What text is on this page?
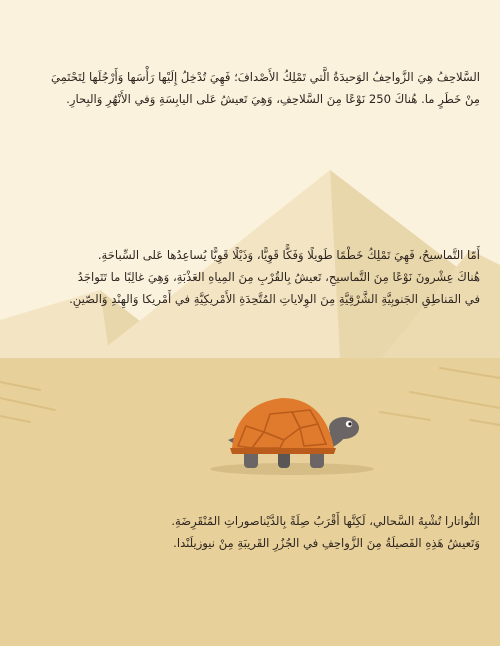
السَّلاحِفُ هِيَ الزَّواحِفُ الوَحيدَةُ الَّتي تَمْلِكُ الأَصْدافَ؛ فَهِيَ تُدْخِلُ إِلَيْها رَأْسَها وَأَرْجُلَها لِتَحْتَمِيَ

مِنْ خَطَرٍ ما. هُناكَ 250 نَوْعًا مِنَ السَّلاحِفِ، وَهِيَ تَعيشُ عَلى اليابِسَةِ وَفي الأَنْهُرِ وَالبِحارِ.

أَمّا التَّماسيحُ، فَهِيَ تَمْلِكُ خَطْمًا طَويلًا وَفَكًّا قَوِيًّا، وَذَيْلًا قَوِيًّا يُساعِدُها عَلى السِّباحَةِ.

هُناكَ عِشْرونَ نَوْعًا مِنَ التَّماسيحِ، تَعيشُ بِالقُرْبِ مِنَ المِياهِ العَذْبَةِ، وَهِيَ غالِبًا ما تَتَواجَدُ

في المَناطِقِ الجَنوبِيَّةِ الشَّرْقِيَّةِ مِنَ الوِلاياتِ المُتَّحِدَةِ الأَمْريكِيَّةِ في أَمْريكا وَالهِنْدِ وَالصّينِ.

التُّواتارا تُشْبِهُ السَّحالي، لَكِنَّها أَقْرَبُ صِلَةً بِالدَّيْناصوراتِ المُنْقَرِضَةِ.

وَتَعيشُ هَذِهِ الفَصيلَةُ مِنَ الزَّواحِفِ في الجُزُرِ القَريبَةِ مِنْ نيوزيلَنْدا.
